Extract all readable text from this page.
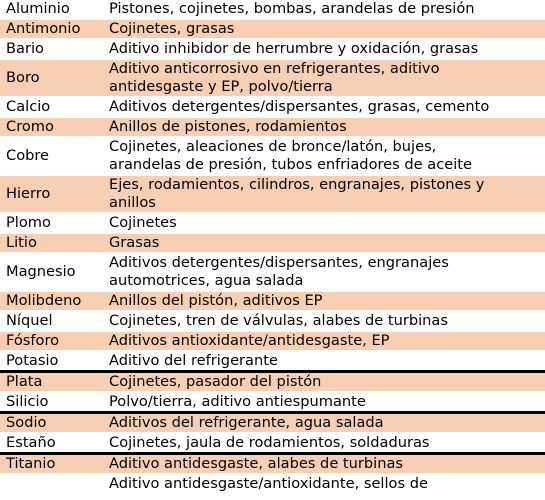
Aluminio	Pistones, cojinetes, bombas, arandelas de presión

Antimonio	Cojinetes, grasas

Bario	Aditivo inhibidor de herrumbre y oxidación, grasas

Boro	Aditivo anticorrosivo en refrigerantes, aditivo
antidesgaste y EP, polvo/tierra

Calcio	Aditivos detergentes/dispersantes, grasas, cemento

Cromo	Anillos de pistones, rodamientos

Cobre	Cojinetes, aleaciones de bronce/latón, bujes,
arandelas de presión, tubos enfriadores de aceite

Hierro	Ejes, rodamientos, cilindros, engranajes, pistones y
anillos

Plomo	Cojinetes

Litio	Grasas

Magnesio	Aditivos detergentes/dispersantes, engranajes
automotrices, agua salada

Molibdeno	Anillos del pistón, aditivos EP

Níquel	Cojinetes, tren de válvulas, alabes de turbinas

Fósforo	Aditivos antioxidante/antidesgaste, EP

Potasio	Aditivo del refrigerante

Plata	Cojinetes, pasador del pistón

Silicio	Polvo/tierra, aditivo antiespumante

Sodio	Aditivos del refrigerante, agua salada

Estaño	Cojinetes, jaula de rodamientos, soldaduras

Titanio	Aditivo antidesgaste, alabes de turbinas

	Aditivo antidesgaste/antioxidante, sellos de
